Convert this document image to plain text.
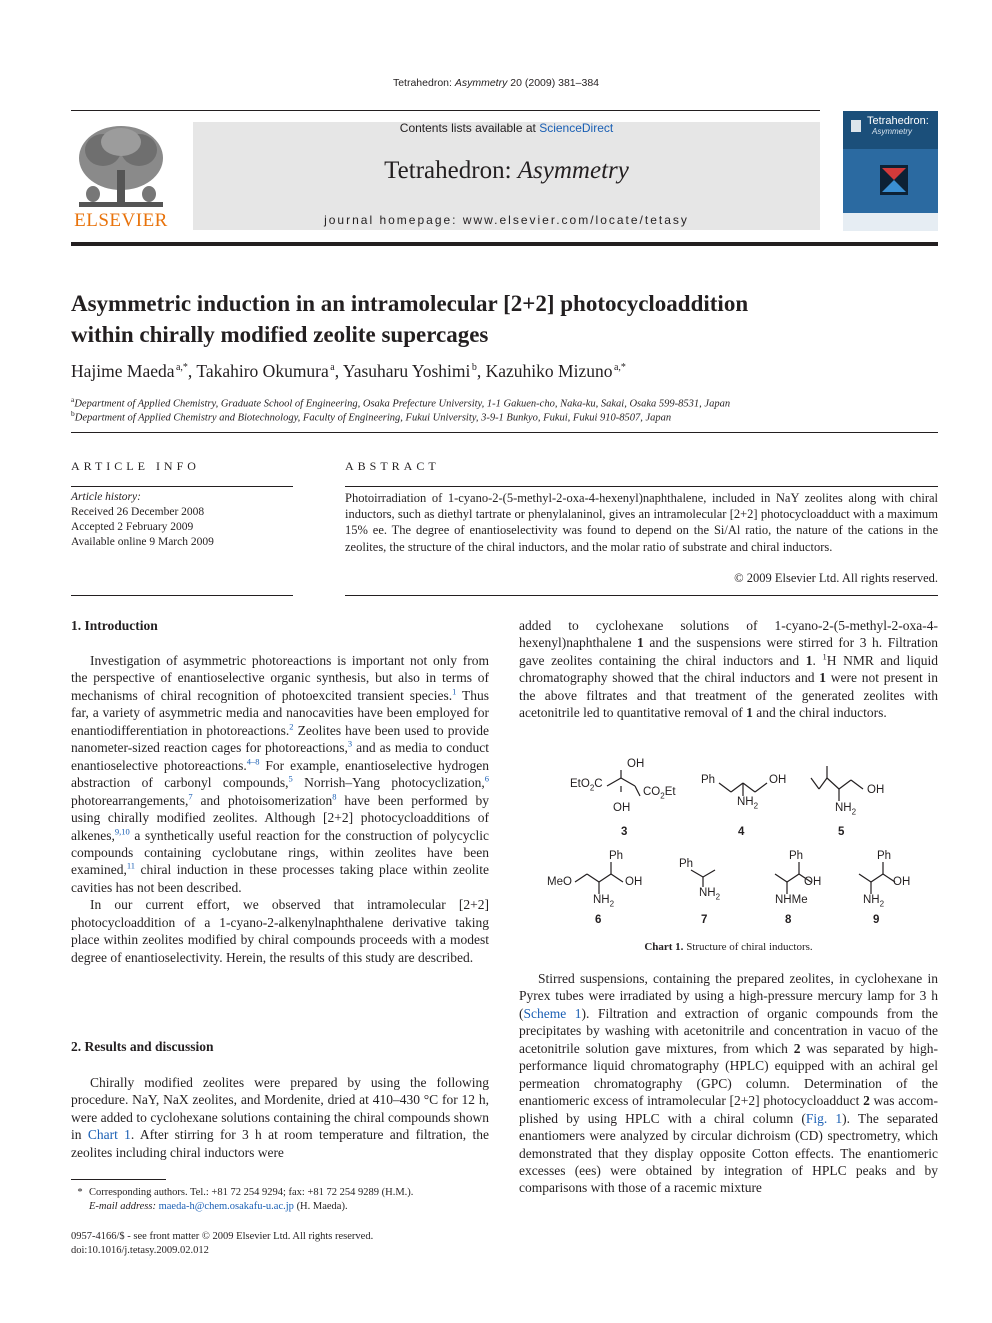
Tetrahedron: Asymmetry 20 (2009) 381–384
ELSEVIER
Contents lists available at ScienceDirect
Tetrahedron: Asymmetry
journal homepage: www.elsevier.com/locate/tetasy
Tetrahedron:
Asymmetry
Asymmetric induction in an intramolecular [2+2] photocycloaddition
within chirally modified zeolite supercages
Hajime Maeda $^{a,*}$, Takahiro Okumura $^a$, Yasuharu Yoshimi $^b$, Kazuhiko Mizuno $^{a,*}$
$^a$Department of Applied Chemistry, Graduate School of Engineering, Osaka Prefecture University, 1-1 Gakuen-cho, Naka-ku, Sakai, Osaka 599-8531, Japan
$^b$Department of Applied Chemistry and Biotechnology, Faculty of Engineering, Fukui University, 3-9-1 Bunkyo, Fukui, Fukui 910-8507, Japan
ARTICLE INFO
Article history:
Received 26 December 2008
Accepted 2 February 2009
Available online 9 March 2009
ABSTRACT
Photoirradiation of 1-cyano-2-(5-methyl-2-oxa-4-hexenyl)naphthalene, included in NaY zeolites along with chiral inductors, such as diethyl tartrate or phenylalaninol, gives an intramolecular [2+2] photocycloadduct with a maximum 15% ee. The degree of enantioselectivity was found to depend on the Si/Al ratio, the nature of the cations in the zeolites, the structure of the chiral inductors, and the molar ratio of substrate and chiral inductors.
© 2009 Elsevier Ltd. All rights reserved.
1. Introduction

Investigation of asymmetric photoreactions is important not only from the perspective of enantioselective organic synthesis, but also in terms of mechanisms of chiral recognition of photoexcited transient species.$^1$ Thus far, a variety of asymmetric media and nanocavities have been employed for enantiodifferentiation in photoreactions.$^2$ Zeolites have been used to provide nanometer-sized reaction cages for photoreactions,$^3$ and as media to conduct enantioselective photoreactions.$^{4-8}$ For example, enantioselective hydrogen abstraction of carbonyl compounds,$^5$ Norrish–Yang photocyclization,$^6$ photorearrangements,$^7$ and photoisomerization$^8$ have been performed by using chirally modified zeolites. Although [2+2] photocycloadditions of alkenes,$^{9,10}$ a synthetically useful reaction for the construction of polycyclic compounds containing cyclobutane rings, within zeolites have been examined,$^{11}$ chiral induction in these processes taking place within zeolite cavities has not been described.

In our current effort, we observed that intramolecular [2+2] photocycloaddition of a 1-cyano-2-alkenylnaphthalene derivative taking place within zeolites modified by chiral compounds proceeds with a modest degree of enantioselectivity. Herein, the results of this study are described.

2. Results and discussion

Chirally modified zeolites were prepared by using the following procedure. NaY, NaX zeolites, and Mordenite, dried at 410–430 °C for 12 h, were added to cyclohexane solutions containing the chiral compounds shown in Chart 1. After stirring for 3 h at room temperature and filtration, the zeolites including chiral inductors were

* Corresponding authors. Tel.: +81 72 254 9294; fax: +81 72 254 9289 (H.M.).
E-mail address: maeda-h@chem.osakafu-u.ac.jp (H. Maeda).
0957-4166/$ - see front matter © 2009 Elsevier Ltd. All rights reserved.
doi:10.1016/j.tetasy.2009.02.012

added to cyclohexane solutions of 1-cyano-2-(5-methyl-2-oxa-4-hexenyl)naphthalene 1 and the suspensions were stirred for 3 h. Filtration gave zeolites containing the chiral inductors and 1. $^1$H NMR and liquid chromatography showed that the chiral inductors and 1 were not present in the above filtrates and that treatment of the generated zeolites with acetonitrile led to quantitative removal of 1 and the chiral inductors.

EtO$_2$C
OH
$CO_2Et$
OH
Ph	OH
$NH_2$
OH
$NH_2$
Ph
MeO	OH
$NH_2$
Ph
$NH_2$
Ph
OH
NHMe
Ph
OH
$NH_2$
3	4	5
6	7	8	9
Chart 1. Structure of chiral inductors.

Stirred suspensions, containing the prepared zeolites, in cyclohexane in Pyrex tubes were irradiated by using a high-pressure mercury lamp for 3 h (Scheme 1). Filtration and extraction of organic compounds from the precipitates by washing with acetonitrile and concentration in vacuo of the acetonitrile solution gave mixtures, from which 2 was separated by high-performance liquid chromatography (HPLC) equipped with an achiral gel permeation chromatography (GPC) column. Determination of the enantiomeric excess of intramolecular [2+2] photocycloadduct 2 was accomplished by using HPLC with a chiral column (Fig. 1). The separated enantiomers were analyzed by circular dichroism (CD) spectrometry, which demonstrated that they display opposite Cotton effects. The enantiomeric excesses (ees) were obtained by integration of HPLC peaks and by comparisons with those of a racemic mixture
